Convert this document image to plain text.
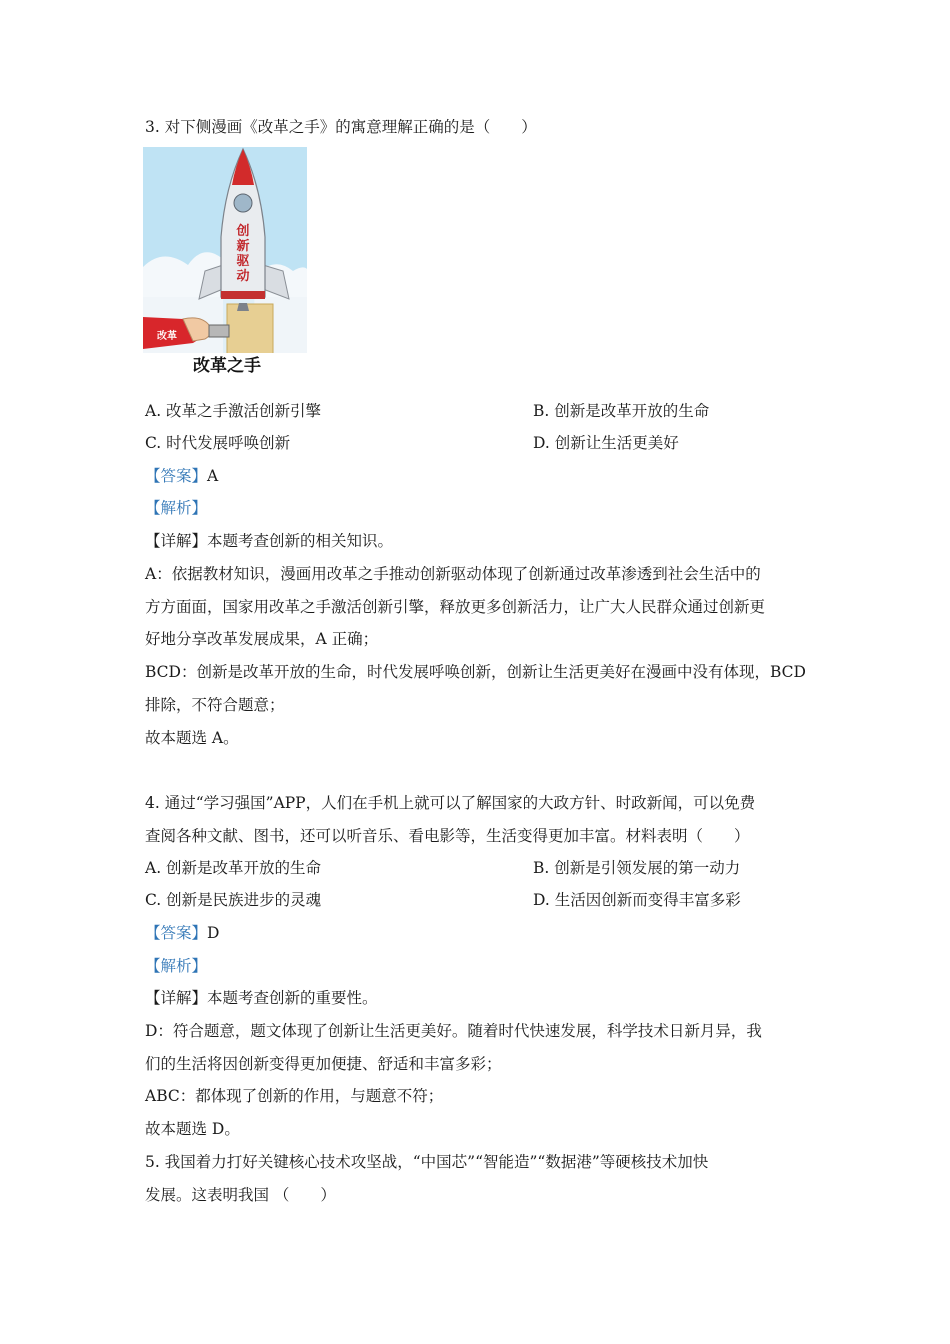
3. 对下侧漫画《改革之手》的寓意理解正确的是（　　）
创
新
驱
动
改革
改革之手
A. 改革之手激活创新引擎	B. 创新是改革开放的生命
C. 时代发展呼唤创新	D. 创新让生活更美好
【答案】A
【解析】
【详解】本题考查创新的相关知识。
A：依据教材知识，漫画用改革之手推动创新驱动体现了创新通过改革渗透到社会生活中的
方方面面，国家用改革之手激活创新引擎，释放更多创新活力，让广大人民群众通过创新更
好地分享改革发展成果，A 正确；
BCD：创新是改革开放的生命，时代发展呼唤创新，创新让生活更美好在漫画中没有体现，BCD
排除，不符合题意；
故本题选 A。
4. 通过“学习强国”APP，人们在手机上就可以了解国家的大政方针、时政新闻，可以免费
查阅各种文献、图书，还可以听音乐、看电影等，生活变得更加丰富。材料表明（　　）
A. 创新是改革开放的生命	B. 创新是引领发展的第一动力
C. 创新是民族进步的灵魂	D. 生活因创新而变得丰富多彩
【答案】D
【解析】
【详解】本题考查创新的重要性。
D：符合题意，题文体现了创新让生活更美好。随着时代快速发展，科学技术日新月异，我
们的生活将因创新变得更加便捷、舒适和丰富多彩；
ABC：都体现了创新的作用，与题意不符；
故本题选 D。
5. 我国着力打好关键核心技术攻坚战，“中国芯”“智能造”“数据港”等硬核技术加快
发展。这表明我国 （　　）
